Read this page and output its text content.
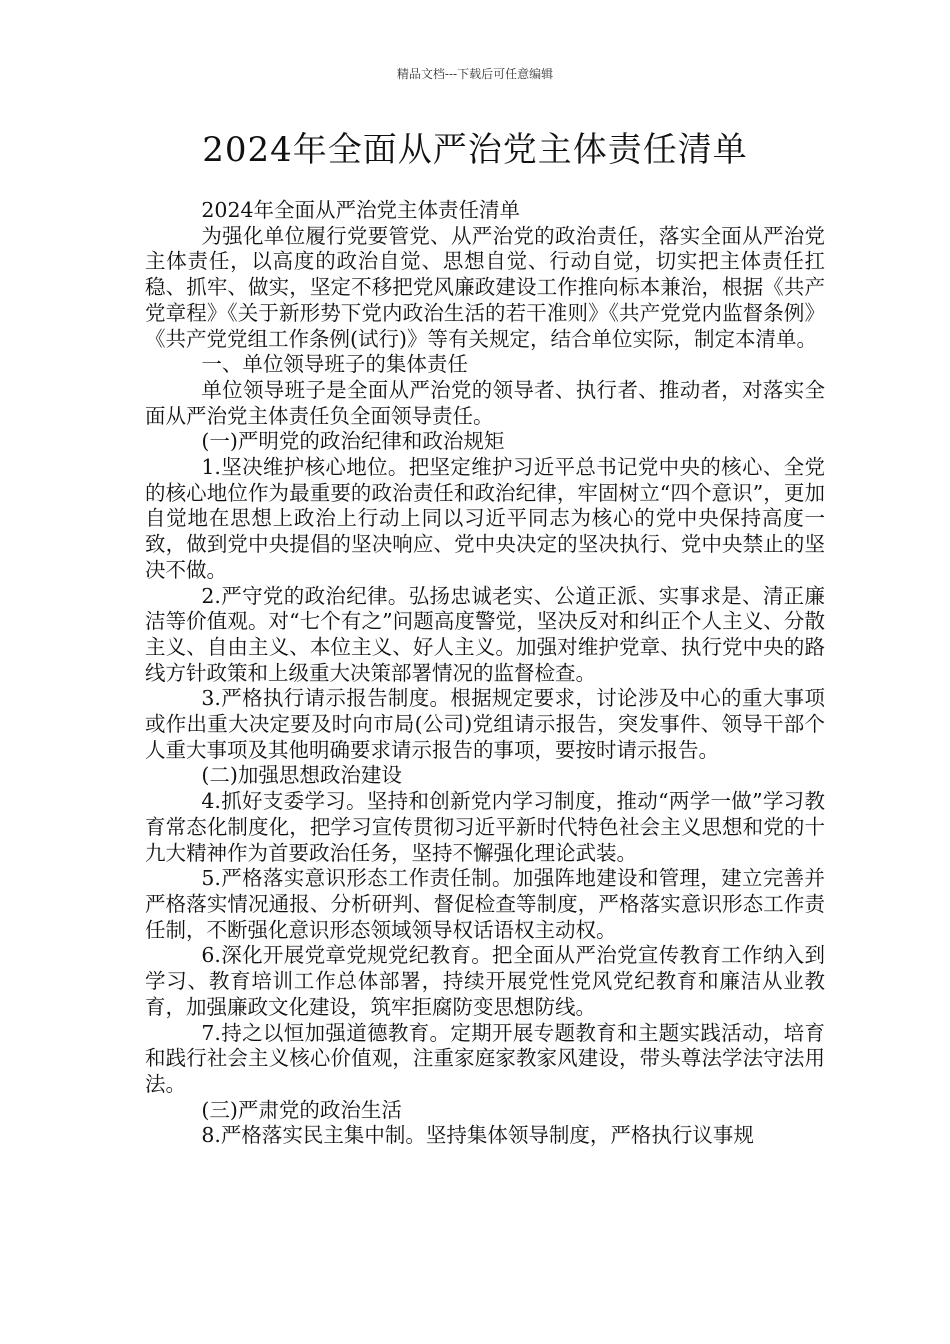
精品文档---下载后可任意编辑
2024年全面从严治党主体责任清单

2024年全面从严治党主体责任清单

为强化单位履行党要管党、从严治党的政治责任，落实全面从严治党主体责任，以高度的政治自觉、思想自觉、行动自觉，切实把主体责任扛稳、抓牢、做实，坚定不移把党风廉政建设工作推向标本兼治，根据《共产党章程》《关于新形势下党内政治生活的若干准则》《共产党党内监督条例》《共产党党组工作条例(试行)》等有关规定，结合单位实际，制定本清单。

一、单位领导班子的集体责任

单位领导班子是全面从严治党的领导者、执行者、推动者，对落实全面从严治党主体责任负全面领导责任。

(一)严明党的政治纪律和政治规矩

1.坚决维护核心地位。把坚定维护习近平总书记党中央的核心、全党的核心地位作为最重要的政治责任和政治纪律，牢固树立“四个意识”，更加自觉地在思想上政治上行动上同以习近平同志为核心的党中央保持高度一致，做到党中央提倡的坚决响应、党中央决定的坚决执行、党中央禁止的坚决不做。

2.严守党的政治纪律。弘扬忠诚老实、公道正派、实事求是、清正廉洁等价值观。对“七个有之”问题高度警觉，坚决反对和纠正个人主义、分散主义、自由主义、本位主义、好人主义。加强对维护党章、执行党中央的路线方针政策和上级重大决策部署情况的监督检查。

3.严格执行请示报告制度。根据规定要求，讨论涉及中心的重大事项或作出重大决定要及时向市局(公司)党组请示报告，突发事件、领导干部个人重大事项及其他明确要求请示报告的事项，要按时请示报告。

(二)加强思想政治建设

4.抓好支委学习。坚持和创新党内学习制度，推动“两学一做”学习教育常态化制度化，把学习宣传贯彻习近平新时代特色社会主义思想和党的十九大精神作为首要政治任务，坚持不懈强化理论武装。

5.严格落实意识形态工作责任制。加强阵地建设和管理，建立完善并严格落实情况通报、分析研判、督促检查等制度，严格落实意识形态工作责任制，不断强化意识形态领域领导权话语权主动权。

6.深化开展党章党规党纪教育。把全面从严治党宣传教育工作纳入到学习、教育培训工作总体部署，持续开展党性党风党纪教育和廉洁从业教育，加强廉政文化建设，筑牢拒腐防变思想防线。

7.持之以恒加强道德教育。定期开展专题教育和主题实践活动，培育和践行社会主义核心价值观，注重家庭家教家风建设，带头尊法学法守法用法。

(三)严肃党的政治生活

8.严格落实民主集中制。坚持集体领导制度，严格执行议事规
